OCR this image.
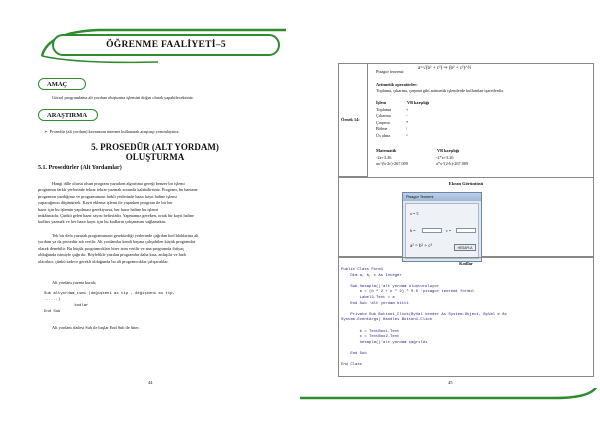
ÖĞRENME FAALİYETİ–5
AMAÇ
Görsel programlama alt yordam oluşturma işlemini doğru olarak yapabileceksiniz.
ARAŞTIRMA
➢  Prosedür (alt yordam) kavramını internet kullanarak araştırıp yorumlayınız.
5. PROSEDÜR (ALT YORDAM)
OLUŞTURMA
5.1. Prosedürler (Alt Yordamlar)
Hangi dille olursa olsun program yazarken algoritma gereği benzer bir işlemi
programın farklı yerlerinde tekrar tekrar yazmak zorunda kalabilirsiniz. Program, bu hantane
programın yazdığınız ve programınızın farklı yerlerinde hazır kayıt haline işlemi
yapacağınızı düşünürsek. Kayıt ekleme işlemi ile yaparken program ile bir her
hazır için bu işlemin yapılması gerekiyorsa, her hazır haline bu işlemi
imkânsızdır. Çünkü gelen hazır sayısı belirsizdir. Yapmamız gereken, ortak bir kayıt haline
kodları yazmak ve her hazır kayıt için bu kodların çalışmasını sağlamaktır.
Tek bir defa yazarak programınızın gerektirdiği yerlerinde çağrılan kod bloklarına alt
yordam ya da prosedür adı verilir. Alt yordamlar kendi başına çalışabilen küçük programlar
olarak denebilir. Bu küçük programcıkları birer isim verilir ve ana programda ihtiyaç
olduğunda isimiyle çağırılır. Böylelikle yazılan programlar daha kısa, anlaşılır ve hızlı
olacaktır, çünkü sadece gerekli olduğunda bu alt programcıklar çalışacaklar.
Alt yordam yazma kuralı;
Sub altyordam_ismi (değişkeni as tip , değişkeni as tip,
......)
kodlar
End Sub
Alt yordam ifadesi Sub ile başlar End Sub ile biter.
44
Örnek 14:
Pisagor teoremi:
a=√(b² + c²) ⇒ (b² + c²)^½
Aritmetik operatörler:
Toplama, çıkarma, çarpma gibi aritmetik işlemlerde kullanılan işaretlerdir.
İşlem	VB karşılığı
Toplama	+
Çıkarma	-
Çarpma	*
Bölme	/
Üs alma	^
Matematik	VB karşılığı
-2z+3.26	-2*z+3.26
ax^(b-2c)-267.009	a*x^(2-b)-267.009
Ekran Görüntüsü
Pisagor Teoremi
a = 5
b =	c =
a² = b² + c²	HESAPLA
Kodlar
Public Class Form1
Dim a, b, c As Integer

Sub hesapla()'alt yordam oluşturuluyor
a = (b ^ 2 + c ^ 2) ^ 0.5 'pisagor teoremi formul
Label3.Text = a
End Sub 'alt yordam bitti

Private Sub Button1_Click(ByVal sender As System.Object, ByVal e As
System.EventArgs) Handles Button1.Click

b = TextBox1.Text
c = TextBox2.Text
hesapla()'alt yordam çağrıldı

End Sub

End Class
45
